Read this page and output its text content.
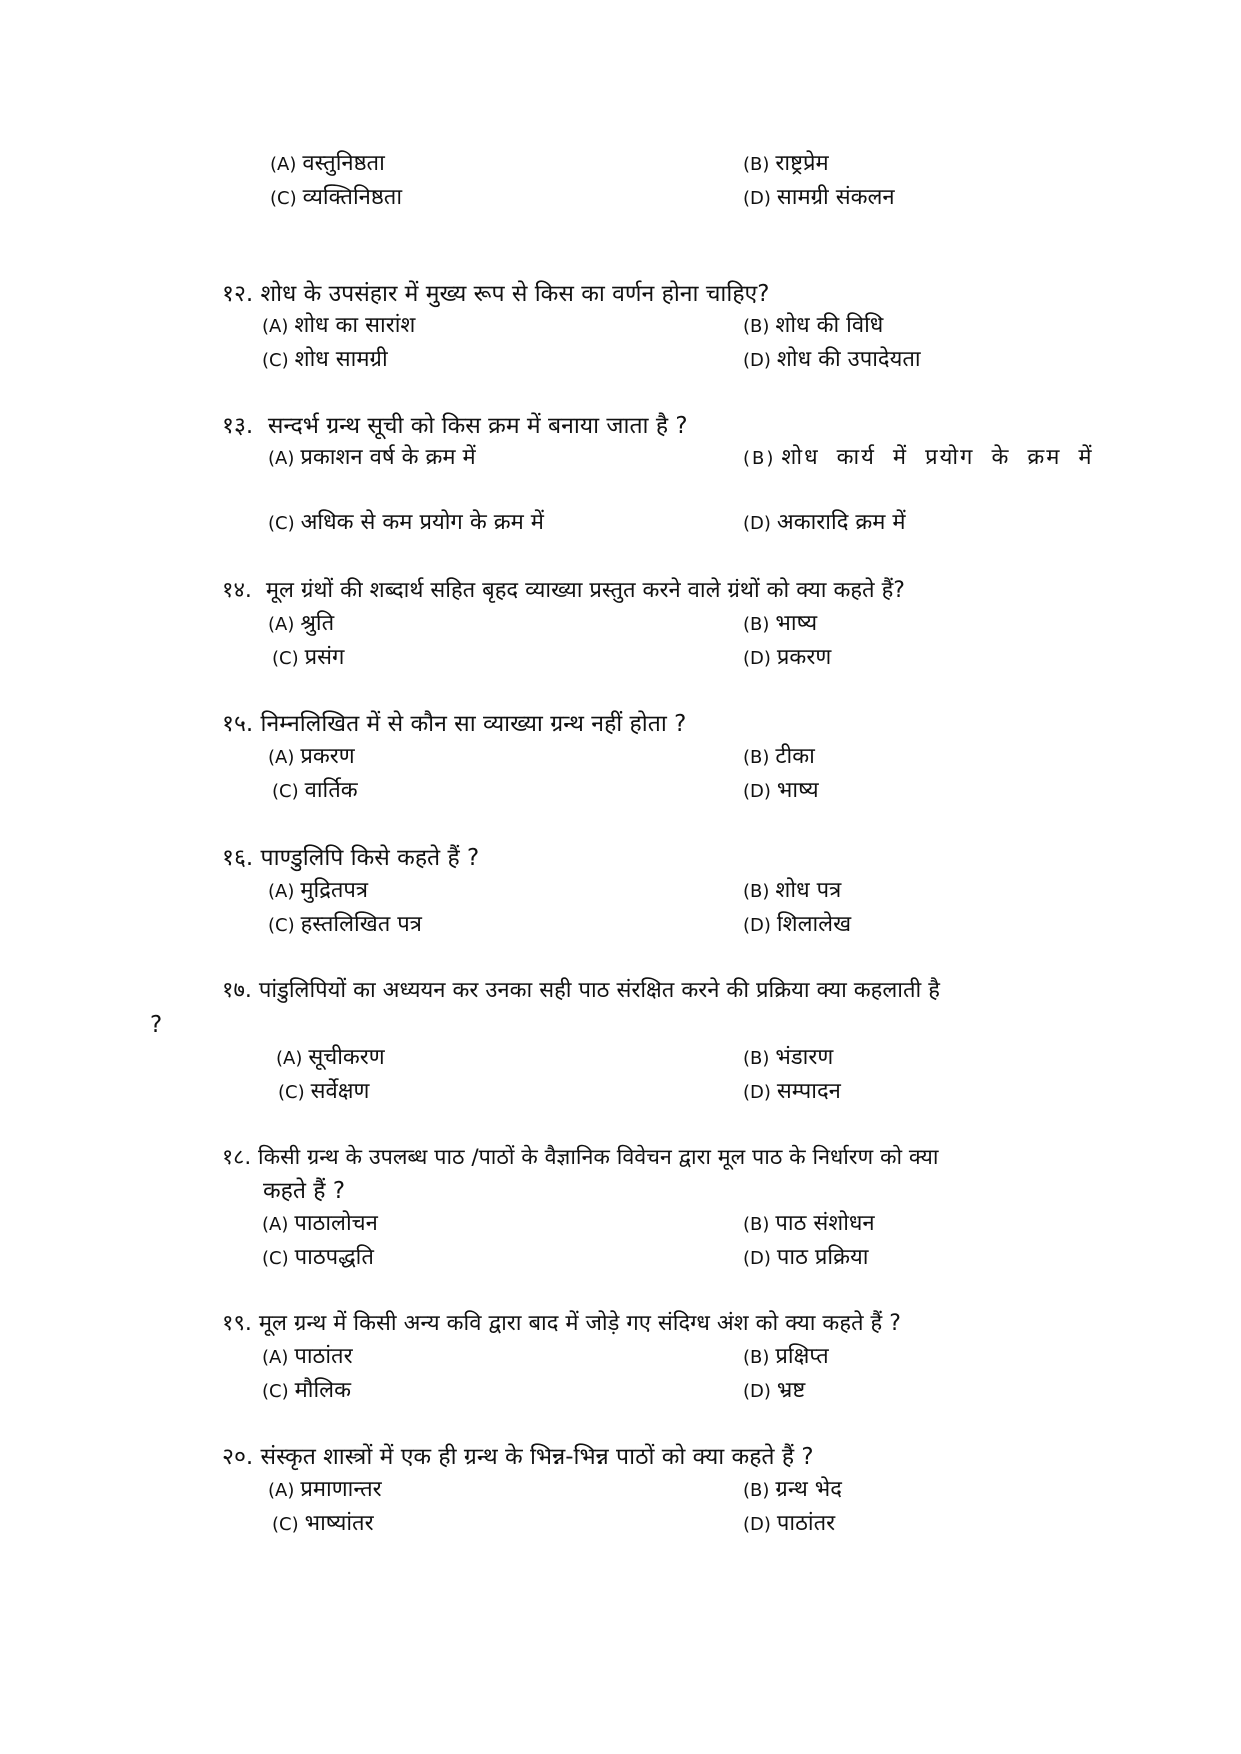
(A) वस्तुनिष्ठता	(B) राष्ट्रप्रेम
(C) व्यक्तिनिष्ठता	(D) सामग्री संकलन
१२. शोध के उपसंहार में मुख्य रूप से किस का वर्णन होना चाहिए?
(A) शोध का सारांश	(B) शोध की विधि
(C) शोध सामग्री	(D) शोध की उपादेयता
१३. सन्दर्भ ग्रन्थ सूची को किस क्रम में बनाया जाता है ?
(A) प्रकाशन वर्ष के क्रम में	(B) शोध कार्य में प्रयोग के क्रम में
(C) अधिक से कम प्रयोग के क्रम में	(D) अकारादि क्रम में
१४. मूल ग्रंथों की शब्दार्थ सहित बृहद व्याख्या प्रस्तुत करने वाले ग्रंथों को क्या कहते हैं?
(A) श्रुति	(B) भाष्य
(C) प्रसंग	(D) प्रकरण
१५. निम्नलिखित में से कौन सा व्याख्या ग्रन्थ नहीं होता ?
(A) प्रकरण	(B) टीका
(C) वार्तिक	(D) भाष्य
१६. पाण्डुलिपि किसे कहते हैं ?
(A) मुद्रितपत्र	(B) शोध पत्र
(C) हस्तलिखित पत्र	(D) शिलालेख
१७. पांडुलिपियों का अध्ययन कर उनका सही पाठ संरक्षित करने की प्रक्रिया क्या कहलाती है
?
(A) सूचीकरण	(B) भंडारण
(C) सर्वेक्षण	(D) सम्पादन
१८. किसी ग्रन्थ के उपलब्ध पाठ /पाठों के वैज्ञानिक विवेचन द्वारा मूल पाठ के निर्धारण को क्या
कहते हैं ?
(A) पाठालोचन	(B) पाठ संशोधन
(C) पाठपद्धति	(D) पाठ प्रक्रिया
१९. मूल ग्रन्थ में किसी अन्य कवि द्वारा बाद में जोड़े गए संदिग्ध अंश को क्या कहते हैं ?
(A) पाठांतर	(B) प्रक्षिप्त
(C) मौलिक	(D) भ्रष्ट
२०. संस्कृत शास्त्रों में एक ही ग्रन्थ के भिन्न-भिन्न पाठों को क्या कहते हैं ?
(A) प्रमाणान्तर	(B) ग्रन्थ भेद
(C) भाष्यांतर	(D) पाठांतर
